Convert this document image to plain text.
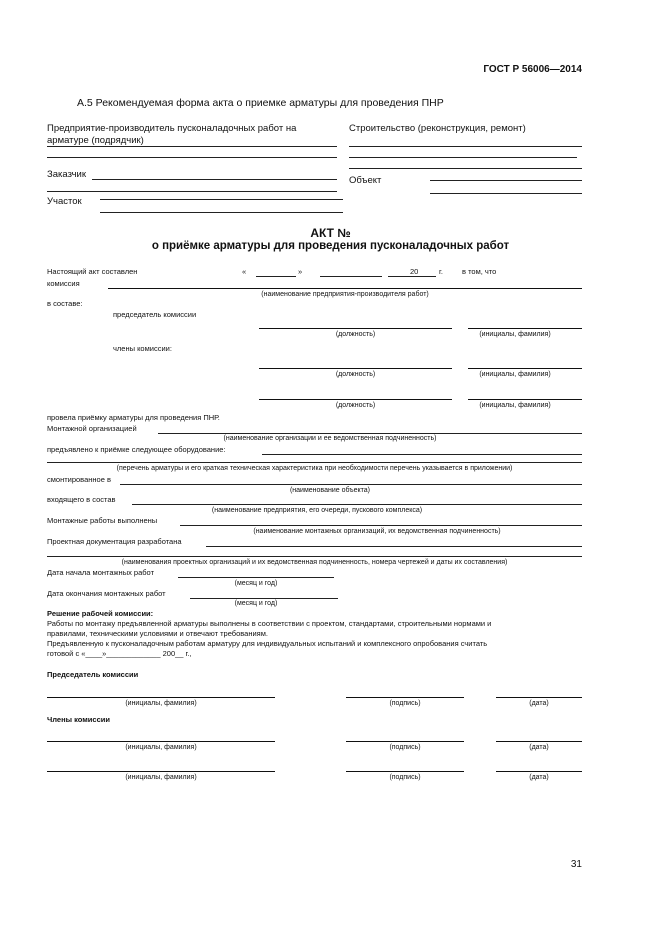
ГОСТ Р 56006—2014
А.5 Рекомендуемая форма акта о приемке арматуры для проведения ПНР
Предприятие-производитель пусконаладочных работ на
арматуре (подрядчик)
Строительство (реконструкция, ремонт)
Заказчик
Объект
Участок
АКТ №
о приёмке арматуры для проведения пусконаладочных работ
Настоящий акт составлен	«	»	20	г.	в том, что
комиссия
(наименование предприятия-производителя работ)
в составе:
председатель комиссии
(должность)	(инициалы, фамилия)
члены комиссии:
(должность)	(инициалы, фамилия)
(должность)	(инициалы, фамилия)
провела приёмку арматуры для проведения ПНР.
Монтажной организацией
(наименование организации и ее ведомственная подчиненность)
предъявлено к приёмке следующее оборудование:
(перечень арматуры и его краткая техническая характеристика при необходимости перечень указывается в приложении)
смонтированное в
(наименование объекта)
входящего в состав
(наименование предприятия, его очереди, пускового комплекса)
Монтажные работы выполнены
(наименование монтажных организаций, их ведомственная подчиненность)
Проектная документация разработана
(наименования проектных организаций и их ведомственная подчиненность, номера чертежей и даты их составления)
Дата начала монтажных работ
(месяц и год)
Дата окончания монтажных работ
(месяц и год)
Решение рабочей комиссии:
Работы по монтажу предъявленной арматуры выполнены в соответствии с проектом, стандартами, строительными нормами и
правилами, техническими условиями и отвечают требованиям.
Предъявленную к пусконаладочным работам арматуру для индивидуальных испытаний и комплексного опробования считать
готовой с «____»_____________ 200__ г.,
Председатель комиссии
(инициалы, фамилия)	(подпись)	(дата)
Члены комиссии
(инициалы, фамилия)	(подпись)	(дата)
(инициалы, фамилия)	(подпись)	(дата)
31
